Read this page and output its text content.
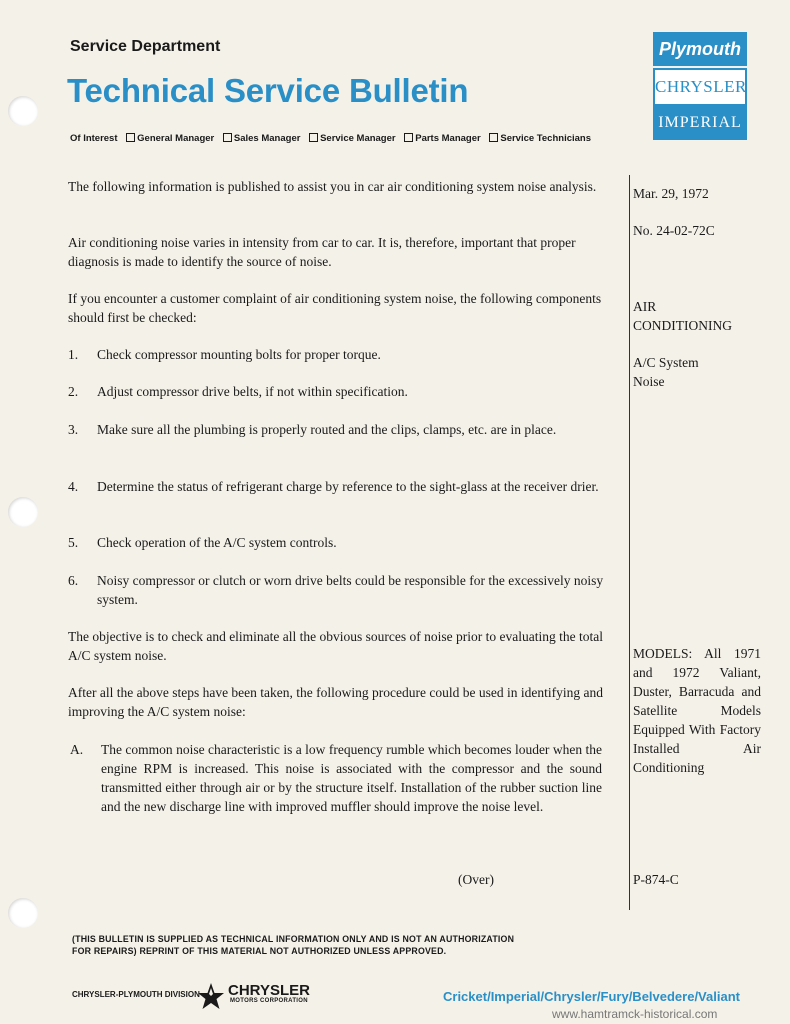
Service Department
Technical Service Bulletin
Of Interest General Manager Sales Manager Service Manager Parts Manager Service Technicians
Plymouth
CHRYSLER
IMPERIAL

The following information is published to assist you in car air conditioning system noise analysis.

Air conditioning noise varies in intensity from car to car. It is, therefore, important that proper diagnosis is made to identify the source of noise.

If you encounter a customer complaint of air conditioning system noise, the following components should first be checked:

1. Check compressor mounting bolts for proper torque.
2. Adjust compressor drive belts, if not within specification.
3. Make sure all the plumbing is properly routed and the clips, clamps, etc. are in place.
4. Determine the status of refrigerant charge by reference to the sight-glass at the receiver drier.
5. Check operation of the A/C system controls.
6. Noisy compressor or clutch or worn drive belts could be responsible for the excessively noisy system.

The objective is to check and eliminate all the obvious sources of noise prior to evaluating the total A/C system noise.

After all the above steps have been taken, the following procedure could be used in identifying and improving the A/C system noise:

A. The common noise characteristic is a low frequency rumble which becomes louder when the engine RPM is increased. This noise is associated with the compressor and the sound transmitted either through air or by the structure itself. Installation of the rubber suction line and the new discharge line with improved muffler should improve the noise level.
(Over)
Mar. 29, 1972
No. 24-02-72C
AIR CONDITIONING
A/C System Noise
MODELS: All 1971 and 1972 Valiant, Duster, Barracuda and Satellite Models Equipped With Factory Installed Air Conditioning
P-874-C
(THIS BULLETIN IS SUPPLIED AS TECHNICAL INFORMATION ONLY AND IS NOT AN AUTHORIZATION
FOR REPAIRS) REPRINT OF THIS MATERIAL NOT AUTHORIZED UNLESS APPROVED.
CHRYSLER-PLYMOUTH DIVISION CHRYSLER
MOTORS CORPORATION	Cricket/Imperial/Chrysler/Fury/Belvedere/Valiant
www.hamtramck-historical.com
